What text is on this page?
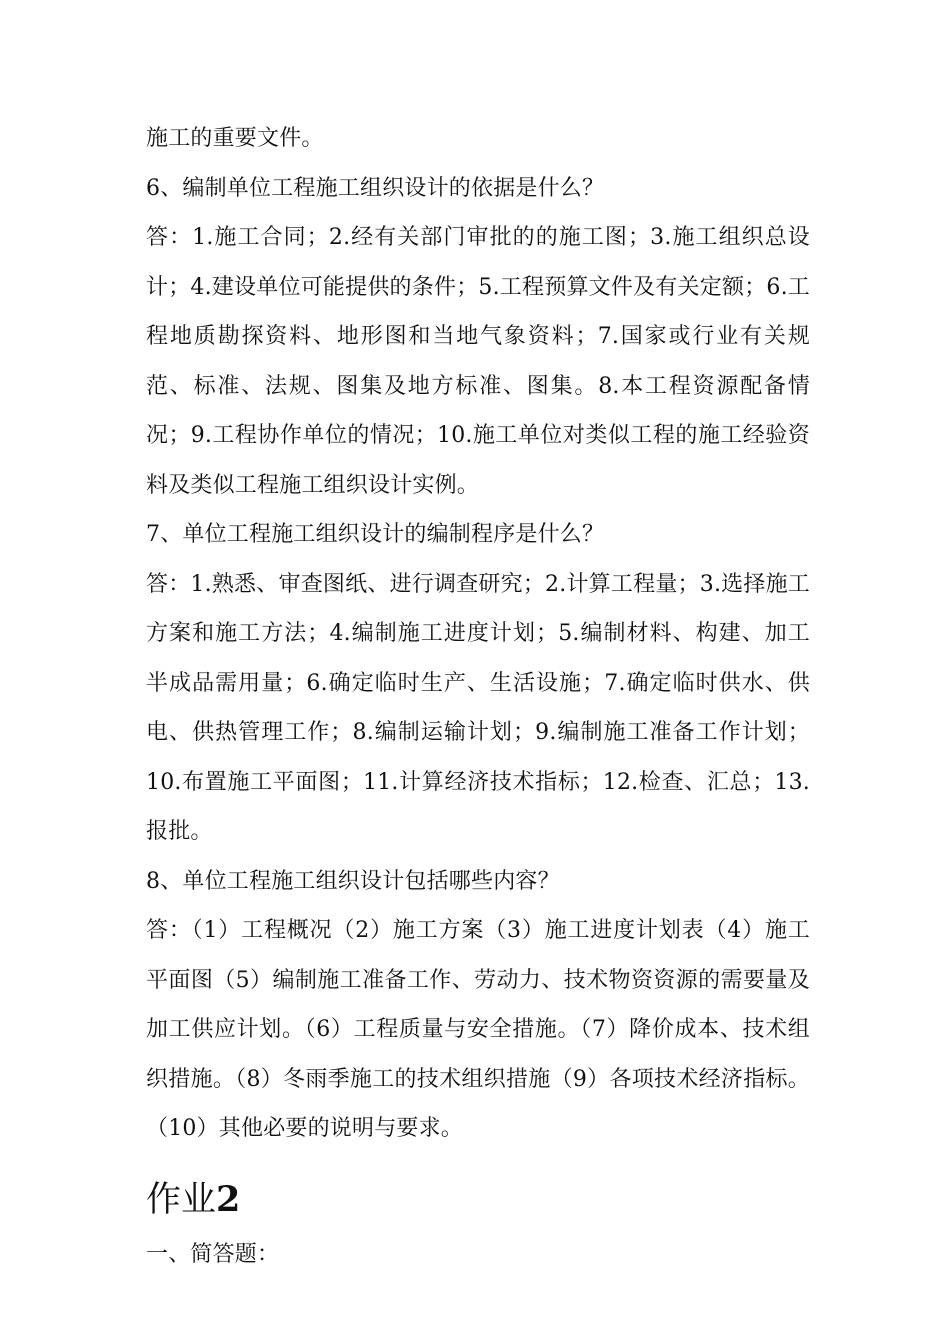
施工的重要文件。

6、编制单位工程施工组织设计的依据是什么？

答：1.施工合同；2.经有关部门审批的的施工图；3.施工组织总设计；4.建设单位可能提供的条件；5.工程预算文件及有关定额；6.工程地质勘探资料、地形图和当地气象资料；7.国家或行业有关规范、标准、法规、图集及地方标准、图集。8.本工程资源配备情况；9.工程协作单位的情况；10.施工单位对类似工程的施工经验资料及类似工程施工组织设计实例。

7、单位工程施工组织设计的编制程序是什么？

答：1.熟悉、审查图纸、进行调查研究；2.计算工程量；3.选择施工方案和施工方法；4.编制施工进度计划；5.编制材料、构建、加工半成品需用量；6.确定临时生产、生活设施；7.确定临时供水、供电、供热管理工作；8.编制运输计划；9.编制施工准备工作计划；10.布置施工平面图；11.计算经济技术指标；12.检查、汇总；13.报批。

8、单位工程施工组织设计包括哪些内容？

答：（1）工程概况（2）施工方案（3）施工进度计划表（4）施工平面图（5）编制施工准备工作、劳动力、技术物资资源的需要量及加工供应计划。（6）工程质量与安全措施。（7）降价成本、技术组织措施。（8）冬雨季施工的技术组织措施（9）各项技术经济指标。（10）其他必要的说明与要求。

作业2

一、简答题：
